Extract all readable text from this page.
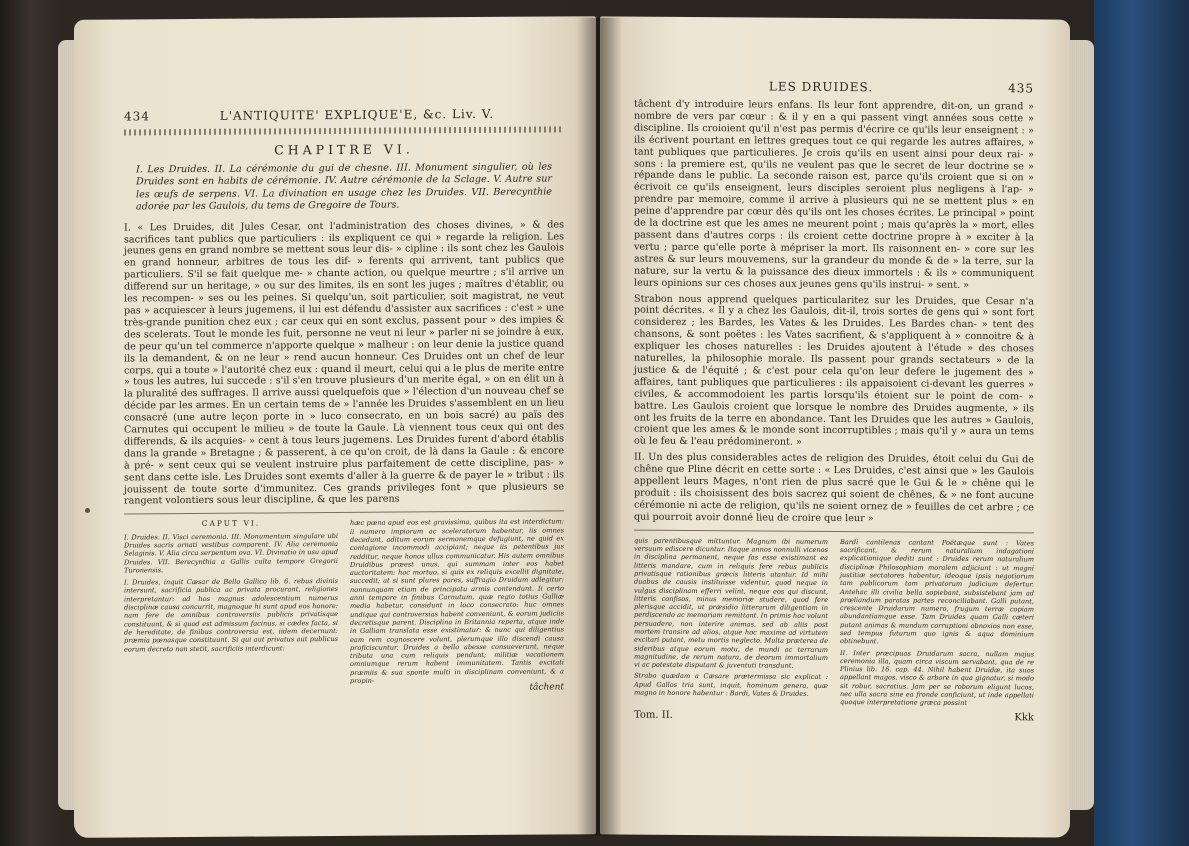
434	L'ANTIQUITE' EXPLIQUE'E, &c. Liv. V.
CHAPITRE VI.
I. Les Druides. II. La cérémonie du gui de chesne. III. Monument singulier, où les Druides sont en habits de cérémonie. IV. Autre cérémonie de la Sclage. V. Autre sur les œufs de serpens. VI. La divination en usage chez les Druides. VII. Berecynthie adorée par les Gaulois, du tems de Gregoire de Tours.

I. « Les Druides, dit Jules Cesar, ont l'administration des choses divines, » & des sacrifices tant publics que particuliers : ils expliquent ce qui » regarde la religion. Les jeunes gens en grand nombre se mettent sous leur dis- » cipline : ils sont chez les Gaulois en grand honneur, arbitres de tous les dif- » ferents qui arrivent, tant publics que particuliers. S'il se fait quelque me- » chante action, ou quelque meurtre ; s'il arrive un differend sur un heritage, » ou sur des limites, ils en sont les juges ; maîtres d'établir, ou les recompen- » ses ou les peines. Si quelqu'un, soit particulier, soit magistrat, ne veut pas » acquiescer à leurs jugemens, il lui est défendu d'assister aux sacrifices : c'est » une très-grande punition chez eux ; car ceux qui en sont exclus, passent pour » des impies & des scelerats. Tout le monde les fuit, personne ne veut ni leur » parler ni se joindre à eux, de peur qu'un tel commerce n'apporte quelque » malheur : on leur denie la justice quand ils la demandent, & on ne leur » rend aucun honneur. Ces Druides ont un chef de leur corps, qui a toute » l'autorité chez eux : quand il meurt, celui qui a le plus de merite entre » tous les autres, lui succede : s'il s'en trouve plusieurs d'un merite égal, » on en élit un à la pluralité des suffrages. Il arrive aussi quelquefois que » l'élection d'un nouveau chef se décide par les armes. En un certain tems de » l'année les Druides s'assemblent en un lieu consacré (une autre leçon porte in » luco consecrato, en un bois sacré) au païs des Carnutes qui occupent le milieu » de toute la Gaule. Là viennent tous ceux qui ont des differends, & ils acquies- » cent à tous leurs jugemens. Les Druides furent d'abord établis dans la grande » Bretagne ; & passerent, à ce qu'on croit, de là dans la Gaule : & encore à pré- » sent ceux qui se veulent instruire plus parfaitement de cette discipline, pas- » sent dans cette isle. Les Druides sont exemts d'aller à la guerre & de payer le » tribut : ils jouissent de toute sorte d'immunitez. Ces grands privileges font » que plusieurs se rangent volontiers sous leur discipline, & que les parens

CAPUT VI.
I. Druides. II. Visci ceremonia. III. Monumentum singulare ubi Druides sacris ornati vestibus comparent. IV. Alia ceremonia Selaginis. V. Alia circa serpentum ova. VI. Divinatio in usu apud Druides. VII. Berecynthia a Gallis culta tempore Gregorii Turonensis.
I. Druides, inquit Cæsar de Bello Gallico lib. 6. rebus divinis intersunt, sacrificia publica ac privata procurant, religiones interpretantur: ad hos magnus adolescentium numerus disciplinæ causa concurrit, magnoque hi sunt apud eos honore: nam fere de omnibus controversiis publicis privatisque constituunt, & si quod est admissum facinus, si cædes facta, si de hereditate, de finibus controversia est, iidem decernunt: præmia pœnasque constituunt. Si qui aut privatus aut publicus eorum decreto non stetit, sacrificiis interdicunt:
hæc pœna apud eos est gravissima, quibus ita est interdictum: ii numero impiorum ac sceleratorum habentur, iis omnes decedunt, aditum eorum sermonemque defugiunt, ne quid ex contagione incommodi accipiant; neque iis petentibus jus redditur, neque honos ullus communicatur. His autem omnibus Druidibus præest unus, qui summam inter eos habet auctoritatem: hoc mortuo, si quis ex reliquis excellit dignitate, succedit; at si sunt plures pares, suffragio Druidum adlegitur: nonnunquam etiam de principatu armis contendunt. Ii certo anni tempore in finibus Carnutum, quæ regio totius Galliæ media habetur, considunt in loco consecrato: huc omnes undique qui controversias habent conveniunt, & eorum judiciis decretisque parent. Disciplina in Britannia reperta, atque inde in Galliam translata esse existimatur: & nunc qui diligentius eam rem cognoscere volunt, plerumque illo discendi causa proficiscuntur. Druides a bello abesse consueverunt, neque tributa una cum reliquis pendunt; militiæ vacationem omniumque rerum habent immunitatem. Tantis excitati præmiis & sua sponte multi in disciplinam conveniunt, & a propin-
tâchent
LES DRUIDES.	435

tâchent d'y introduire leurs enfans. Ils leur font apprendre, dit-on, un grand » nombre de vers par cœur : & il y en a qui passent vingt années sous cette » discipline. Ils croioient qu'il n'est pas permis d'écrire ce qu'ils leur enseignent : » ils écrivent pourtant en lettres greques tout ce qui regarde les autres affaires, » tant publiques que particulieres. Je crois qu'ils en usent ainsi pour deux rai- » sons : la premiere est, qu'ils ne veulent pas que le secret de leur doctrine se » répande dans le public. La seconde raison est, parce qu'ils croient que si on » écrivoit ce qu'ils enseignent, leurs disciples seroient plus negligens à l'ap- » prendre par memoire, comme il arrive à plusieurs qui ne se mettent plus » en peine d'apprendre par cœur dès qu'ils ont les choses écrites. Le principal » point de la doctrine est que les ames ne meurent point ; mais qu'après la » mort, elles passent dans d'autres corps : ils croient cette doctrine propre à » exciter à la vertu ; parce qu'elle porte à mépriser la mort. Ils raisonnent en- » core sur les astres & sur leurs mouvemens, sur la grandeur du monde & de » la terre, sur la nature, sur la vertu & la puissance des dieux immortels : & ils » communiquent leurs opinions sur ces choses aux jeunes gens qu'ils instrui- » sent. »

Strabon nous apprend quelques particularitez sur les Druides, que Cesar n'a point décrites. « Il y a chez les Gaulois, dit-il, trois sortes de gens qui » sont fort considerez ; les Bardes, les Vates & les Druides. Les Bardes chan- » tent des chansons, & sont poëtes : les Vates sacrifient, & s'appliquent à » connoitre & à expliquer les choses naturelles : les Druides ajoutent à l'étude » des choses naturelles, la philosophie morale. Ils passent pour grands sectateurs » de la justice & de l'équité ; & c'est pour cela qu'on leur defere le jugement des » affaires, tant publiques que particulieres : ils appaisoient ci-devant les guerres » civiles, & accommodoient les partis lorsqu'ils étoient sur le point de com- » battre. Les Gaulois croient que lorsque le nombre des Druides augmente, » ils ont les fruits de la terre en abondance. Tant les Druides que les autres » Gaulois, croient que les ames & le monde sont incorruptibles ; mais qu'il y » aura un tems où le feu & l'eau prédomineront. »

II. Un des plus considerables actes de religion des Druides, étoit celui du Gui de chêne que Pline décrit en cette sorte : « Les Druides, c'est ainsi que » les Gaulois appellent leurs Mages, n'ont rien de plus sacré que le Gui & le » chêne qui le produit : ils choisissent des bois sacrez qui soient de chênes, & » ne font aucune cérémonie ni acte de religion, qu'ils ne soient ornez de » feuilles de cet arbre ; ce qui pourroit avoir donné lieu de croire que leur »

quis parentibusque mittuntur. Magnum ibi numerum versuum ediscere dicuntur. Itaque annos nonnulli vicenos in disciplina permanent, neque fas esse existimant ea litteris mandare, cum in reliquis fere rebus publicis privatisque rationibus græcis litteris utantur. Id mihi duabus de causis instituisse videntur, quod neque in vulgus disciplinam efferri velint, neque eos qui discunt, litteris confisos, minus memoriæ studere, quod fere plerisque accidit, ut præsidio litterarum diligentiam in perdiscendo ac memoriam remittant. In primis hoc volunt persuadere, non interire animas, sed ab aliis post mortem transire ad alios, atque hoc maxime ad virtutem excitari putant, metu mortis neglecto. Multa præterea de sideribus atque eorum motu, de mundi ac terrarum magnitudine, de rerum natura, de deorum immortalium vi ac potestate disputant & juventuti transdunt.
Strabo quædam a Cæsare prætermissa sic explicat : Apud Gallos tria sunt, inquit, hominum genera, quæ magno in honore habentur : Bardi, Vates & Druides.
Bardi cantilenas cantant Poëtæque sunt : Vates sacrificant, & rerum naturalium indagationi explicationique dediti sunt : Druides rerum naturalium disciplinæ Philosophiam moralem adjiciunt : ut magni justitiæ sectatores habentur, ideoque ipsis negotiorum tam publicorum tam privatorum judicium defertur. Antehac illi civilia bella sopiebant, subsistebant jam ad prœliandum paratas partes reconciliabant. Galli putant, crescente Druidarum numero, frugum terræ copiam abundantiamque esse. Tam Druides quam Galli cæteri putant animas & mundum corruptioni obnoxios non esse, sed tempus futurum quo ignis & aqua dominium obtinebunt.
II. Inter præcipuas Druidarum sacra, nullam majus ceremonia illa, quam circa viscum servabant, qua de re Plinius lib. 16. cap. 44. Nihil habent Druidæ, ita suos appellant magos, visco & arbore in qua gignatur, si modo sit robur, sacratius. Jam per se roborum eligunt lucos, nec ulla sacra sine ea fronde conficiunt, ut inde appellati quoque interpretatione græca possint
Tom. II.	Kkk
